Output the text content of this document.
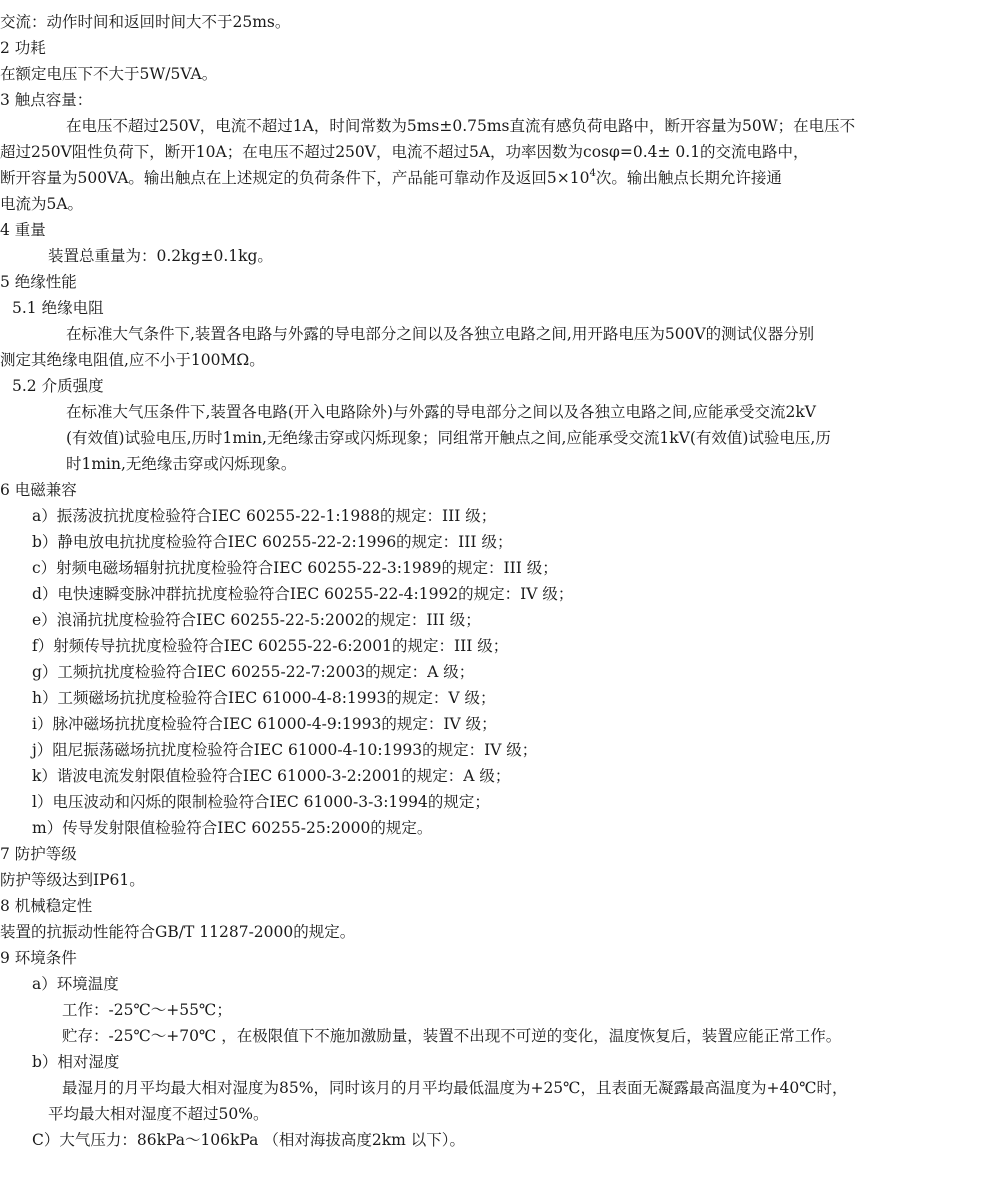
交流：动作时间和返回时间大不于25ms。
2 功耗
在额定电压下不大于5W/5VA。
3 触点容量：
在电压不超过250V，电流不超过1A，时间常数为5ms±0.75ms直流有感负荷电路中，断开容量为50W；在电压不
超过250V阻性负荷下，断开10A；在电压不超过250V，电流不超过5A，功率因数为cosφ=0.4± 0.1的交流电路中，
断开容量为500VA。输出触点在上述规定的负荷条件下，产品能可靠动作及返回$5\times 10^4$次。输出触点长期允许接通
电流为5A。
4 重量
装置总重量为：0.2kg±0.1kg。
5 绝缘性能
5.1 绝缘电阻
在标准大气条件下,装置各电路与外露的导电部分之间以及各独立电路之间,用开路电压为500V的测试仪器分别
测定其绝缘电阻值,应不小于100MΩ。
5.2 介质强度
在标准大气压条件下,装置各电路(开入电路除外)与外露的导电部分之间以及各独立电路之间,应能承受交流2kV
(有效值)试验电压,历时1min,无绝缘击穿或闪烁现象；同组常开触点之间,应能承受交流1kV(有效值)试验电压,历
时1min,无绝缘击穿或闪烁现象。
6 电磁兼容
a）振荡波抗扰度检验符合IEC 60255-22-1:1988的规定：III 级；
b）静电放电抗扰度检验符合IEC 60255-22-2:1996的规定：III 级；
c）射频电磁场辐射抗扰度检验符合IEC 60255-22-3:1989的规定：III 级；
d）电快速瞬变脉冲群抗扰度检验符合IEC 60255-22-4:1992的规定：IV 级；
e）浪涌抗扰度检验符合IEC 60255-22-5:2002的规定：III 级；
f）射频传导抗扰度检验符合IEC 60255-22-6:2001的规定：III 级；
g）工频抗扰度检验符合IEC 60255-22-7:2003的规定：A 级；
h）工频磁场抗扰度检验符合IEC 61000-4-8:1993的规定：V 级；
i）脉冲磁场抗扰度检验符合IEC 61000-4-9:1993的规定：IV 级；
j）阻尼振荡磁场抗扰度检验符合IEC 61000-4-10:1993的规定：IV 级；
k）谐波电流发射限值检验符合IEC 61000-3-2:2001的规定：A 级；
l）电压波动和闪烁的限制检验符合IEC 61000-3-3:1994的规定；
m）传导发射限值检验符合IEC 60255-25:2000的规定。
7 防护等级
防护等级达到IP61。
8 机械稳定性
装置的抗振动性能符合GB/T 11287-2000的规定。
9 环境条件
a）环境温度
工作：-25℃～+55℃；
贮存：-25℃～+70℃ ，在极限值下不施加激励量，装置不出现不可逆的变化，温度恢复后，装置应能正常工作。
b）相对湿度
最湿月的月平均最大相对湿度为85%，同时该月的月平均最低温度为+25℃，且表面无凝露最高温度为+40℃时，
平均最大相对湿度不超过50%。
C）大气压力：86kPa～106kPa （相对海拔高度2km 以下）。
